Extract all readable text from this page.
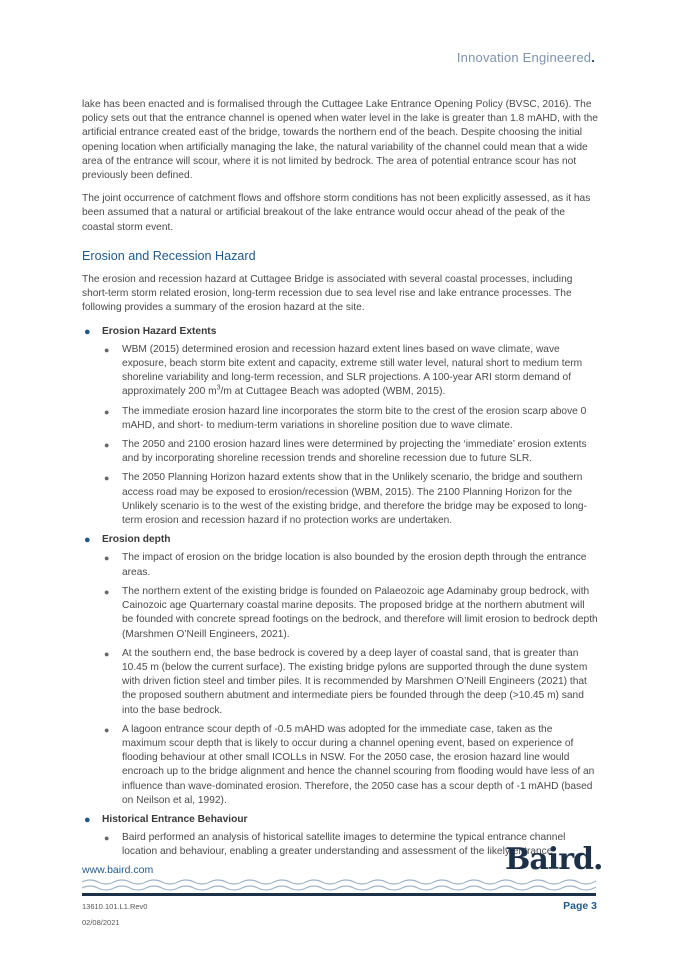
Innovation Engineered.

lake has been enacted and is formalised through the Cuttagee Lake Entrance Opening Policy (BVSC, 2016). The policy sets out that the entrance channel is opened when water level in the lake is greater than 1.8 mAHD, with the artificial entrance created east of the bridge, towards the northern end of the beach. Despite choosing the initial opening location when artificially managing the lake, the natural variability of the channel could mean that a wide area of the entrance will scour, where it is not limited by bedrock. The area of potential entrance scour has not previously been defined.

The joint occurrence of catchment flows and offshore storm conditions has not been explicitly assessed, as it has been assumed that a natural or artificial breakout of the lake entrance would occur ahead of the peak of the coastal storm event.

Erosion and Recession Hazard

The erosion and recession hazard at Cuttagee Bridge is associated with several coastal processes, including short-term storm related erosion, long-term recession due to sea level rise and lake entrance processes. The following provides a summary of the erosion hazard at the site.

● Erosion Hazard Extents
● WBM (2015) determined erosion and recession hazard extent lines based on wave climate, wave exposure, beach storm bite extent and capacity, extreme still water level, natural short to medium term shoreline variability and long-term recession, and SLR projections. A 100-year ARI storm demand of approximately 200 $m^3/m$ at Cuttagee Beach was adopted (WBM, 2015).
● The immediate erosion hazard line incorporates the storm bite to the crest of the erosion scarp above 0 mAHD, and short- to medium-term variations in shoreline position due to wave climate.
● The 2050 and 2100 erosion hazard lines were determined by projecting the ‘immediate’ erosion extents and by incorporating shoreline recession trends and shoreline recession due to future SLR.
● The 2050 Planning Horizon hazard extents show that in the Unlikely scenario, the bridge and southern access road may be exposed to erosion/recession (WBM, 2015). The 2100 Planning Horizon for the Unlikely scenario is to the west of the existing bridge, and therefore the bridge may be exposed to long-term erosion and recession hazard if no protection works are undertaken.
● Erosion depth
● The impact of erosion on the bridge location is also bounded by the erosion depth through the entrance areas.
● The northern extent of the existing bridge is founded on Palaeozoic age Adaminaby group bedrock, with Cainozoic age Quarternary coastal marine deposits. The proposed bridge at the northern abutment will be founded with concrete spread footings on the bedrock, and therefore will limit erosion to bedrock depth (Marshmen O’Neill Engineers, 2021).
● At the southern end, the base bedrock is covered by a deep layer of coastal sand, that is greater than 10.45 m (below the current surface). The existing bridge pylons are supported through the dune system with driven fiction steel and timber piles. It is recommended by Marshmen O’Neill Engineers (2021) that the proposed southern abutment and intermediate piers be founded through the deep (>10.45 m) sand into the base bedrock.
● A lagoon entrance scour depth of -0.5 mAHD was adopted for the immediate case, taken as the maximum scour depth that is likely to occur during a channel opening event, based on experience of flooding behaviour at other small ICOLLs in NSW. For the 2050 case, the erosion hazard line would encroach up to the bridge alignment and hence the channel scouring from flooding would have less of an influence than wave-dominated erosion. Therefore, the 2050 case has a scour depth of -1 mAHD (based on Neilson et al, 1992).
● Historical Entrance Behaviour
● Baird performed an analysis of historical satellite images to determine the typical entrance channel location and behaviour, enabling a greater understanding and assessment of the likely entrance
www.baird.com	Baird.
13610.101.L1.Rev0
02/08/2021
Page 3
